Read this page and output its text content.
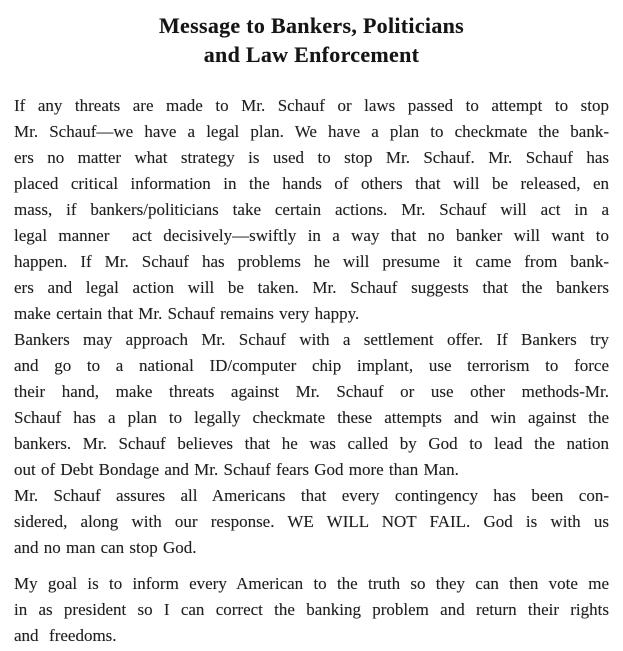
Message to Bankers, Politicians
and Law Enforcement
If any threats are made to Mr. Schauf or laws passed to attempt to stop
Mr. Schauf—we have a legal plan. We have a plan to checkmate the bank-
ers no matter what strategy is used to stop Mr. Schauf. Mr. Schauf has
placed critical information in the hands of others that will be released, en
mass, if bankers/politicians take certain actions. Mr. Schauf will act in a
legal manner  act decisively—swiftly in a way that no banker will want to
happen. If Mr. Schauf has problems he will presume it came from bank-
ers and legal action will be taken. Mr. Schauf suggests that the bankers
make certain that Mr. Schauf remains very happy.
Bankers may approach Mr. Schauf with a settlement offer. If Bankers try
and go to a national ID/computer chip implant, use terrorism to force
their hand, make threats against Mr. Schauf or use other methods-Mr.
Schauf has a plan to legally checkmate these attempts and win against the
bankers. Mr. Schauf believes that he was called by God to lead the nation
out of Debt Bondage and Mr. Schauf fears God more than Man.
Mr. Schauf assures all Americans that every contingency has been con-
sidered, along with our response. WE WILL NOT FAIL. God is with us
and no man can stop God.
My goal is to inform every American to the truth so they can then vote me
in as president so I can correct the banking problem and return their rights
and  freedoms.
